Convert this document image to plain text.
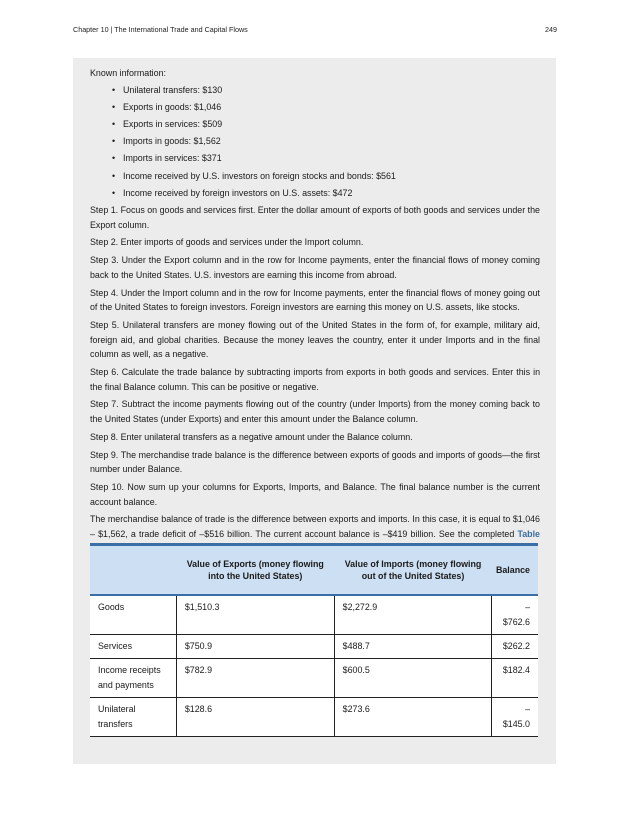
Chapter 10 | The International Trade and Capital Flows	249
Known information:
• Unilateral transfers: $130
• Exports in goods: $1,046
• Exports in services: $509
• Imports in goods: $1,562
• Imports in services: $371
• Income received by U.S. investors on foreign stocks and bonds: $561
• Income received by foreign investors on U.S. assets: $472

Step 1. Focus on goods and services first. Enter the dollar amount of exports of both goods and services under the Export column.

Step 2. Enter imports of goods and services under the Import column.

Step 3. Under the Export column and in the row for Income payments, enter the financial flows of money coming back to the United States. U.S. investors are earning this income from abroad.

Step 4. Under the Import column and in the row for Income payments, enter the financial flows of money going out of the United States to foreign investors. Foreign investors are earning this money on U.S. assets, like stocks.

Step 5. Unilateral transfers are money flowing out of the United States in the form of, for example, military aid, foreign aid, and global charities. Because the money leaves the country, enter it under Imports and in the final column as well, as a negative.

Step 6. Calculate the trade balance by subtracting imports from exports in both goods and services. Enter this in the final Balance column. This can be positive or negative.

Step 7. Subtract the income payments flowing out of the country (under Imports) from the money coming back to the United States (under Exports) and enter this amount under the Balance column.

Step 8. Enter unilateral transfers as a negative amount under the Balance column.

Step 9. The merchandise trade balance is the difference between exports of goods and imports of goods—the first number under Balance.

Step 10. Now sum up your columns for Exports, Imports, and Balance. The final balance number is the current account balance.

The merchandise balance of trade is the difference between exports and imports. In this case, it is equal to $1,046 – $1,562, a trade deficit of –$516 billion. The current account balance is –$419 billion. See the completed Table

	Value of Exports (money flowing into the United States)	Value of Imports (money flowing out of the United States)	Balance
Goods	$1,510.3	$2,272.9	–$762.6
Services	$750.9	$488.7	$262.2
Income receipts and payments	$782.9	$600.5	$182.4
Unilateral transfers	$128.6	$273.6	–$145.0
